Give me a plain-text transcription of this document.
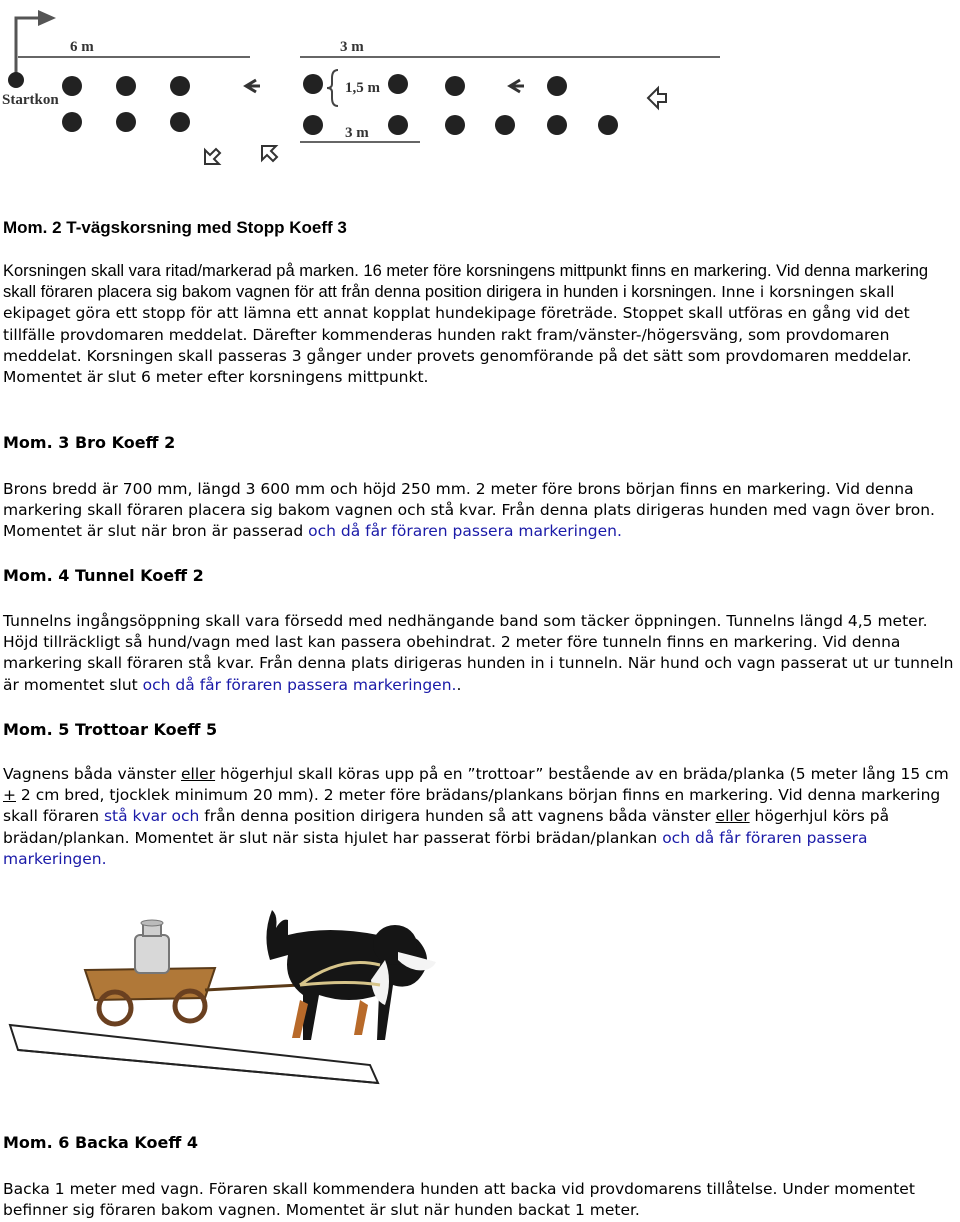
6 m	3 m
1,5 m
3 m
Startkon
Mom. 2 T-vägskorsning med Stopp Koeff 3

Korsningen skall vara ritad/markerad på marken. 16 meter före korsningens mittpunkt finns en markering. Vid denna markering skall föraren placera sig bakom vagnen för att från denna position dirigera in hunden i korsningen. Inne i korsningen skall ekipaget göra ett stopp för att lämna ett annat kopplat hundekipage företräde. Stoppet skall utföras en gång vid det tillfälle provdomaren meddelat. Därefter kommenderas hunden rakt fram/vänster-/högersväng, som provdomaren meddelat. Korsningen skall passeras 3 gånger under provets genomförande på det sätt som provdomaren meddelar. Momentet är slut 6 meter efter korsningens mittpunkt.

Mom. 3 Bro Koeff 2

Brons bredd är 700 mm, längd 3 600 mm och höjd 250 mm. 2 meter före brons början finns en markering. Vid denna markering skall föraren placera sig bakom vagnen och stå kvar. Från denna plats dirigeras hunden med vagn över bron. Momentet är slut när bron är passerad och då får föraren passera markeringen.

Mom. 4 Tunnel Koeff 2

Tunnelns ingångsöppning skall vara försedd med nedhängande band som täcker öppningen. Tunnelns längd 4,5 meter. Höjd tillräckligt så hund/vagn med last kan passera obehindrat. 2 meter före tunneln finns en markering. Vid denna markering skall föraren stå kvar. Från denna plats dirigeras hunden in i tunneln. När hund och vagn passerat ut ur tunneln är momentet slut och då får föraren passera markeringen..

Mom. 5 Trottoar Koeff 5

Vagnens båda vänster eller högerhjul skall köras upp på en ”trottoar” bestående av en bräda/planka (5 meter lång 15 cm + 2 cm bred, tjocklek minimum 20 mm). 2 meter före brädans/plankans början finns en markering. Vid denna markering skall föraren stå kvar och från denna position dirigera hunden så att vagnens båda vänster eller högerhjul körs på brädan/plankan. Momentet är slut när sista hjulet har passerat förbi brädan/plankan och då får föraren passera markeringen.

Mom. 6 Backa Koeff 4

Backa 1 meter med vagn. Föraren skall kommendera hunden att backa vid provdomarens tillåtelse. Under momentet befinner sig föraren bakom vagnen. Momentet är slut när hunden backat 1 meter.
